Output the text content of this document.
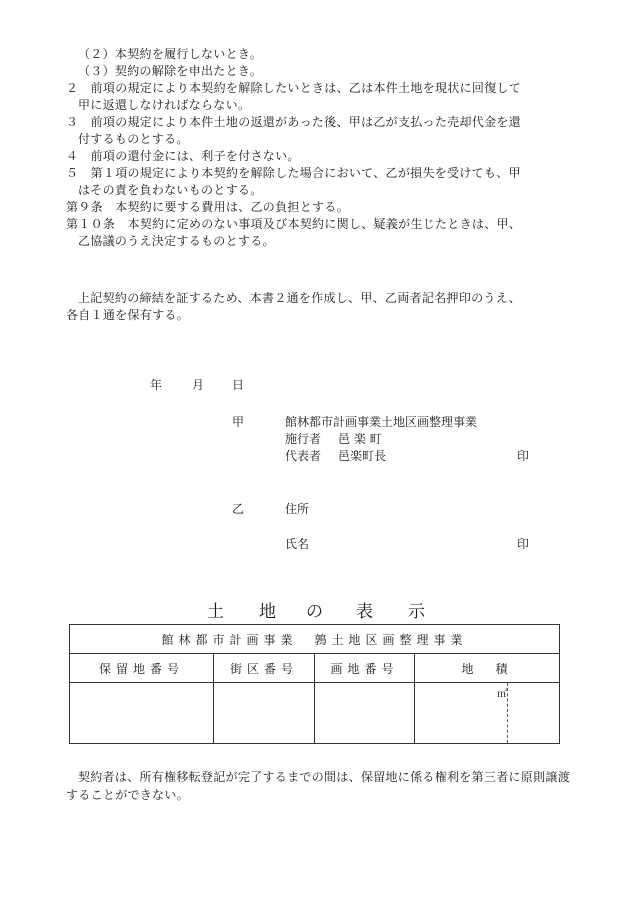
（２）本契約を履行しないとき。
（３）契約の解除を申出たとき。
２　前項の規定により本契約を解除したいときは、乙は本件土地を現状に回復して
甲に返還しなければならない。
３　前項の規定により本件土地の返還があった後、甲は乙が支払った売却代金を還
付するものとする。
４　前項の還付金には、利子を付さない。
５　第１項の規定により本契約を解除した場合において、乙が損失を受けても、甲
はその責を負わないものとする。
第９条　本契約に要する費用は、乙の負担とする。
第１０条　本契約に定めのない事項及び本契約に関し、疑義が生じたときは、甲、
乙協議のうえ決定するものとする。
上記契約の締結を証するため、本書２通を作成し、甲、乙両者記名押印のうえ、
各自１通を保有する。
年 月 日
甲	館林都市計画事業土地区画整理事業
施行者 邑 楽 町
代表者 邑楽町長	印
乙	住所
氏名	印
土 地 の 表 示
館林都市計画事業　鶉土地区画整理事業			
保留地番号	街区番号	画地番号	地　積

			㎡
契約者は、所有権移転登記が完了するまでの間は、保留地に係る権利を第三者に原則譲渡
することができない。
